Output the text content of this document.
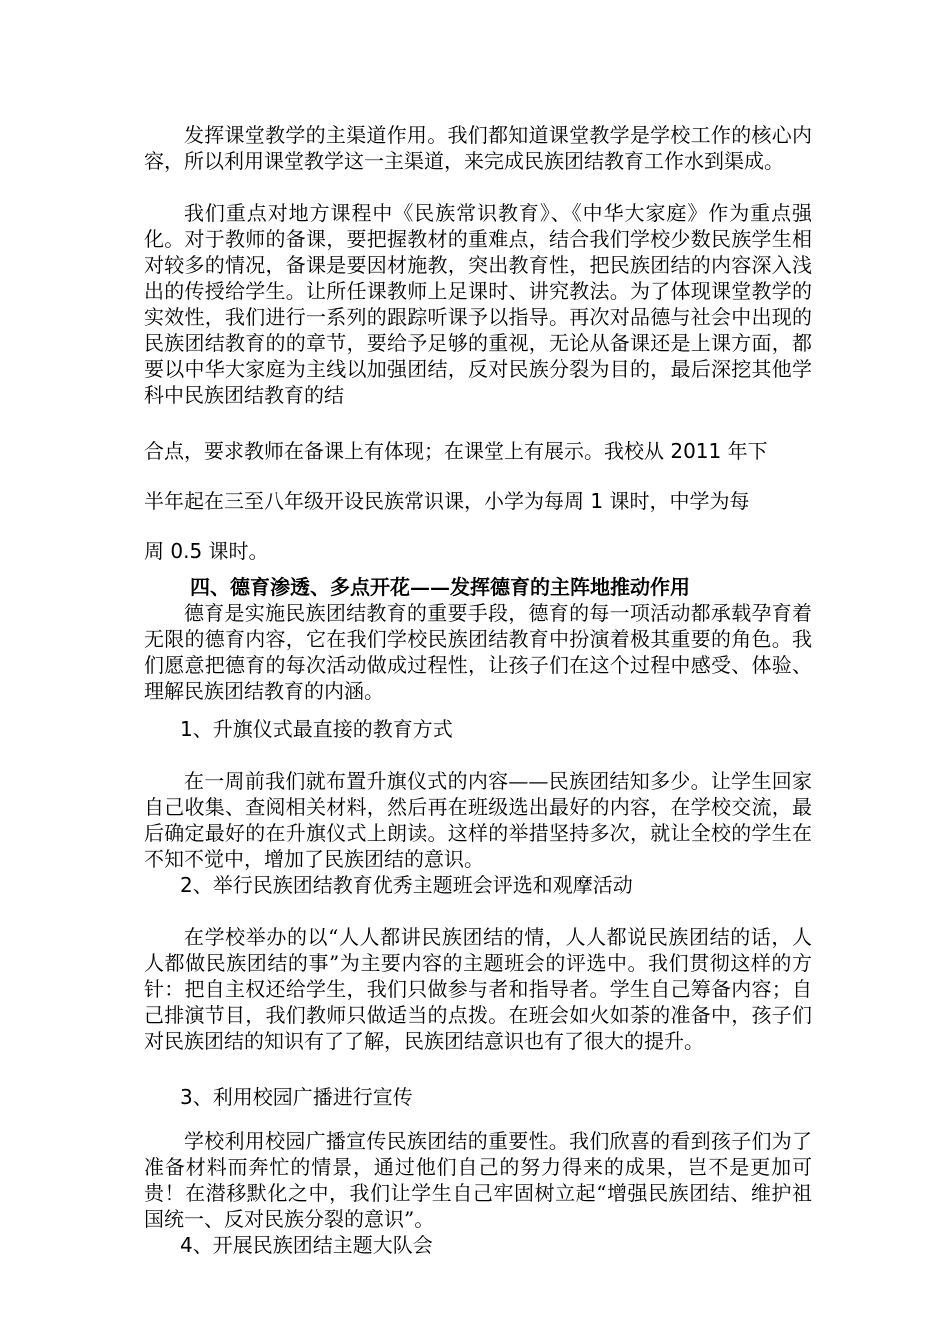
发挥课堂教学的主渠道作用。我们都知道课堂教学是学校工作的核心内容，所以利用课堂教学这一主渠道，来完成民族团结教育工作水到渠成。

我们重点对地方课程中《民族常识教育》、《中华大家庭》作为重点强化。对于教师的备课，要把握教材的重难点，结合我们学校少数民族学生相对较多的情况，备课是要因材施教，突出教育性，把民族团结的内容深入浅出的传授给学生。让所任课教师上足课时、讲究教法。为了体现课堂教学的实效性，我们进行一系列的跟踪听课予以指导。再次对品德与社会中出现的民族团结教育的的章节，要给予足够的重视，无论从备课还是上课方面，都要以中华大家庭为主线以加强团结，反对民族分裂为目的，最后深挖其他学科中民族团结教育的结

合点，要求教师在备课上有体现；在课堂上有展示。我校从 2011 年下

半年起在三至八年级开设民族常识课，小学为每周 1 课时，中学为每

周 0.5 课时。

四、德育渗透、多点开花——发挥德育的主阵地推动作用

德育是实施民族团结教育的重要手段，德育的每一项活动都承载孕育着无限的德育内容，它在我们学校民族团结教育中扮演着极其重要的角色。我们愿意把德育的每次活动做成过程性，让孩子们在这个过程中感受、体验、理解民族团结教育的内涵。

1、升旗仪式最直接的教育方式

在一周前我们就布置升旗仪式的内容——民族团结知多少。让学生回家自己收集、查阅相关材料，然后再在班级选出最好的内容，在学校交流，最后确定最好的在升旗仪式上朗读。这样的举措坚持多次，就让全校的学生在不知不觉中，增加了民族团结的意识。

2、举行民族团结教育优秀主题班会评选和观摩活动

在学校举办的以“人人都讲民族团结的情，人人都说民族团结的话，人人都做民族团结的事”为主要内容的主题班会的评选中。我们贯彻这样的方针：把自主权还给学生，我们只做参与者和指导者。学生自己筹备内容；自己排演节目，我们教师只做适当的点拨。在班会如火如荼的准备中，孩子们对民族团结的知识有了了解，民族团结意识也有了很大的提升。

3、利用校园广播进行宣传

学校利用校园广播宣传民族团结的重要性。我们欣喜的看到孩子们为了准备材料而奔忙的情景，通过他们自己的努力得来的成果，岂不是更加可贵！在潜移默化之中，我们让学生自己牢固树立起“增强民族团结、维护祖国统一、反对民族分裂的意识”。

4、开展民族团结主题大队会
